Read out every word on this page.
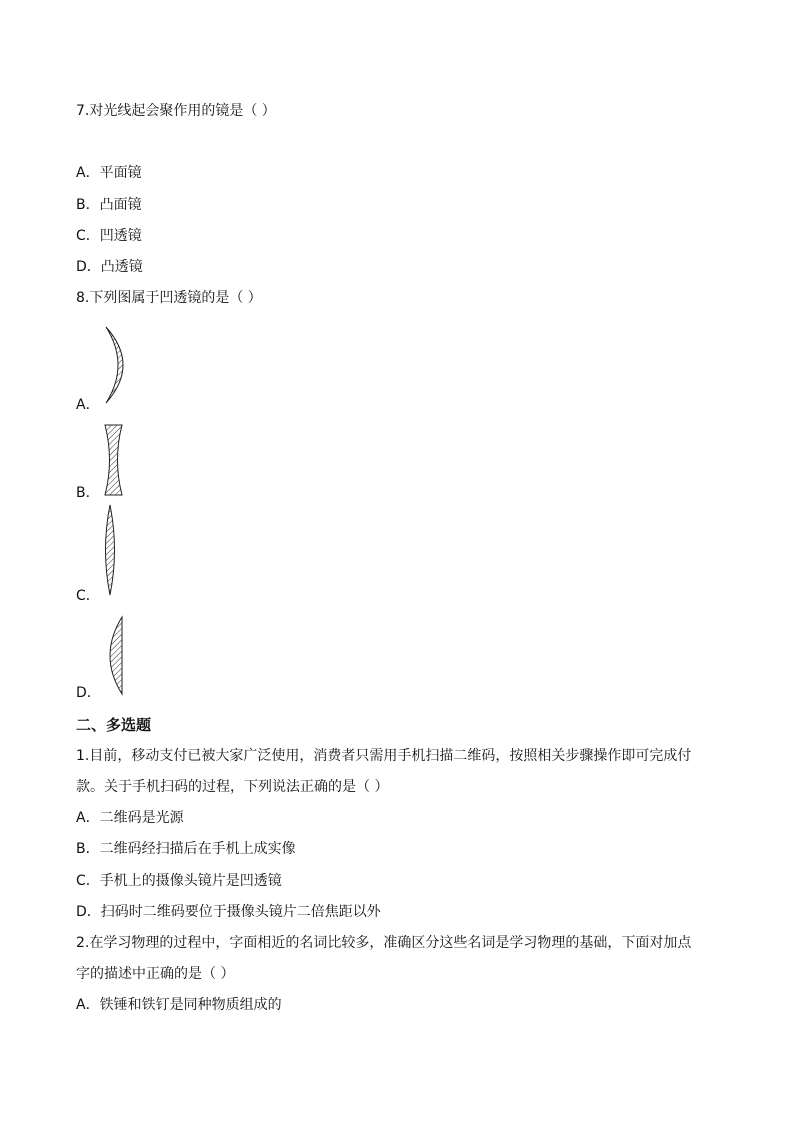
7.对光线起会聚作用的镜是（ ）
A．平面镜
B．凸面镜
C．凹透镜
D．凸透镜
8.下列图属于凹透镜的是（ ）
A．
B．
C．
D．
二、多选题
1.目前，移动支付已被大家广泛使用，消费者只需用手机扫描二维码，按照相关步骤操作即可完成付
款。关于手机扫码的过程，下列说法正确的是（ ）
A．二维码是光源
B．二维码经扫描后在手机上成实像
C．手机上的摄像头镜片是凹透镜
D．扫码时二维码要位于摄像头镜片二倍焦距以外
2.在学习物理的过程中，字面相近的名词比较多，准确区分这些名词是学习物理的基础，下面对加点
字的描述中正确的是（ ）
A．铁锤和铁钉是同种物质组成的
